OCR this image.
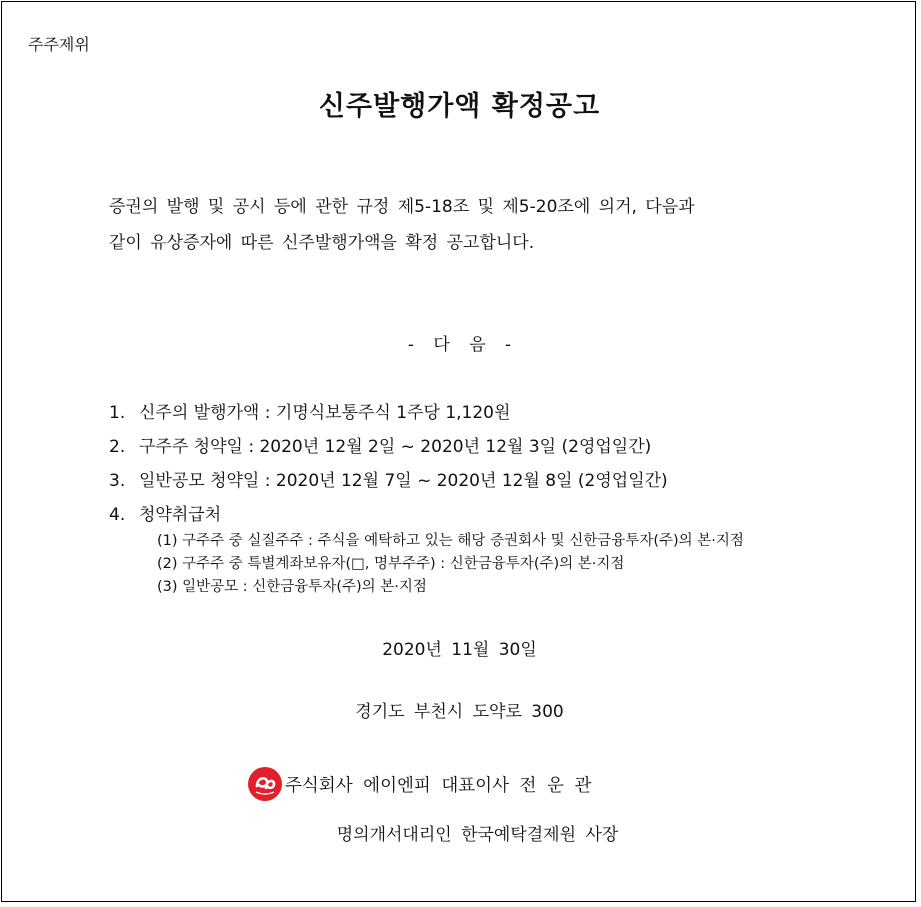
주주제위
신주발행가액 확정공고
증권의 발행 및 공시 등에 관한 규정 제5-18조 및 제5-20조에 의거, 다음과
같이 유상증자에 따른 신주발행가액을 확정 공고합니다.
- 다 음 -
1. 신주의 발행가액 : 기명식보통주식 1주당 1,120원
2. 구주주 청약일 : 2020년 12월 2일 ~ 2020년 12월 3일 (2영업일간)
3. 일반공모 청약일 : 2020년 12월 7일 ~ 2020년 12월 8일 (2영업일간)
4. 청약취급처
(1) 구주주 중 실질주주 : 주식을 예탁하고 있는 해당 증권회사 및 신한금융투자(주)의 본·지점
(2) 구주주 중 특별계좌보유자(□, 명부주주) : 신한금융투자(주)의 본·지점
(3) 일반공모 : 신한금융투자(주)의 본·지점
2020년 11월 30일
경기도 부천시 도약로 300
주식회사 에이엔피 대표이사 전 운 관
명의개서대리인 한국예탁결제원 사장
